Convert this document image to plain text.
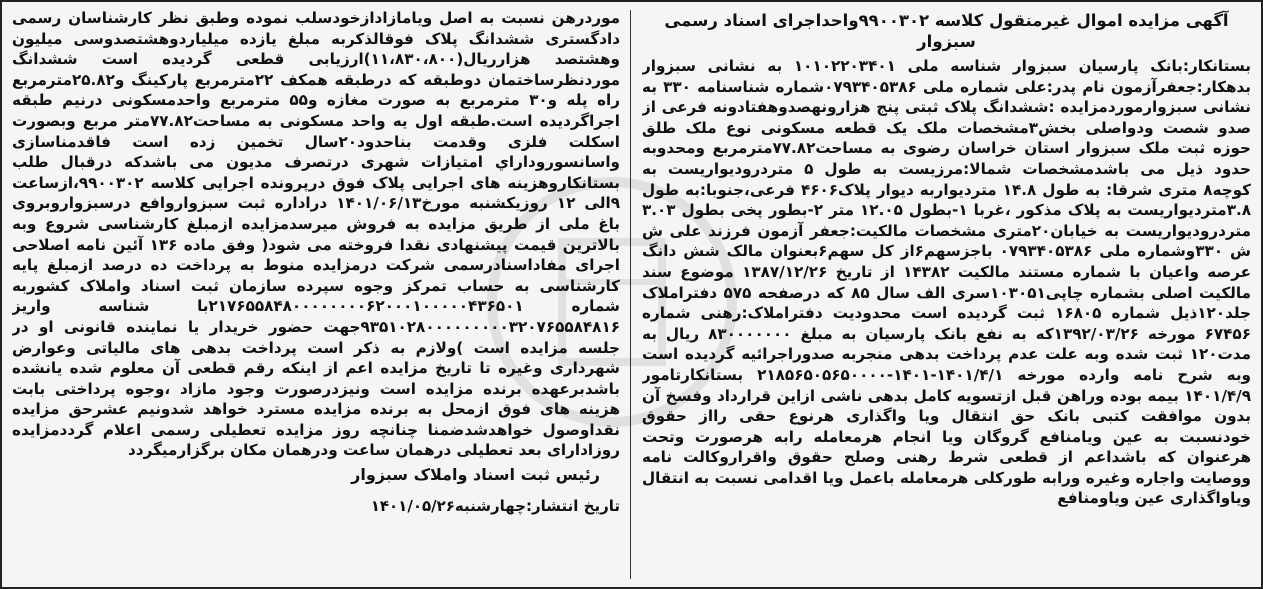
آگهی مزایده اموال غیرمنقول کلاسه ۹۹۰۰۳۰۲واحداجرای اسناد رسمی سبزوار

بستانکار:بانک پارسیان سبزوار شناسه ملی ۱۰۱۰۲۲۰۳۴۰۱ به نشانی سبزوار بدهکار:جعفرآزمون نام پدر:علی شماره ملی ۰۷۹۳۴۰۵۳۸۶شماره شناسنامه ۳۳۰ به نشانی سبزوارموردمزایده :ششدانگ پلاک ثبتی پنج هزارونهصدوهفتادونه فرعی از صدو شصت ودواصلی بخش۳مشخصات ملک یک قطعه مسکونی نوع ملک طلق حوزه ثبت ملک سبزوار استان خراسان رضوی به مساحت۷۷.۸۲مترمربع ومحدوبه حدود ذیل می باشدمشخصات شمالا:مرزیست به طول ۵ متردرودیواریست به کوچه۸ متری شرقا: به طول ۱۴.۸ متردیواربه دیوار پلاک۴۶۰۶ فرعی،جنوبا:به طول ۳.۸متردیواریست به پلاک مذکور ،غربا ۱-بطول ۱۲.۰۵ متر ۲-بطور پخی بطول ۳.۰۳ متردرودیواریست به خیابان۲۰متری مشخصات مالکیت:جعفر آزمون فرزند علی ش ش ۳۳۰وشماره ملی ۰۷۹۳۴۰۵۳۸۶ باجزسهم۶از کل سهم۶بعنوان مالک شش دانگ عرصه واعیان با شماره مستند مالکیت ۱۴۳۸۲ از تاریخ ۱۳۸۷/۱۲/۲۶ موضوع سند مالکیت اصلی بشماره چاپی۱۰۳۰۵۱سری الف سال ۸۵ که درصفحه ۵۷۵ دفتراملاک جلد۱۲۰ذیل شماره ۱۶۸۰۵ ثبت گردیده است محدودیت دفتراملاک:رهنی شماره ۶۷۴۵۶ مورخه ۱۳۹۲/۰۳/۲۶که به نفع بانک پارسیان به مبلغ ۸۳۰۰۰۰۰۰۰ ریال به مدت۱۲۰ ثبت شده وبه علت عدم پرداخت بدهی منجربه صدوراجرائیه گردیده است وبه شرح نامه وارده مورخه ۱۴۰۱/۴/۱-۱۴۰۱-۲۱۸۵۶۵۰۵۶۵۰۰۰۰ بستانکارتامور ۱۴۰۱/۴/۹ بیمه بوده وراهن قبل ازتسویه کامل بدهی ناشی ازاین قرارداد وفسخ آن بدون موافقت کتبی بانک حق انتقال ویا واگذاری هرنوع حقی رااز حقوق خودنسبت به عین ویامنافع گروگان ویا انجام هرمعامله رابه هرصورت وتحت هرعنوان که باشداعم از قطعی شرط رهنی وصلح حقوق واقراروکالت نامه ووصایت واجاره وغیره ورابه طورکلی هرمعامله باعمل ویا اقدامی نسبت به انتقال ویاواگذاری عین ویاومنافع

موردرهن نسبت به اصل ویامازادازخودسلب نموده وطبق نظر کارشناسان رسمی دادگستری ششدانگ پلاک فوقالذکربه مبلغ یازده میلیاردوهشتصدوسی میلیون وهشتصد هزارریال(۱۱،۸۳۰،۸۰۰)ارزیابی قطعی گردیده است ششدانگ موردنظرساختمان دوطبقه که درطبقه همکف ۲۲مترمربع پارکینگ و۲۵.۸۲مترمربع راه پله و۳۰ مترمربع به صورت مغازه و۵۵ مترمربع واحدمسکونی درنیم طبقه اجراگردیده است.طبقه اول یه واحد مسکونی به مساحت۷۷.۸۲متر مربع وبصورت اسکلت فلزی وقدمت بناحدود۲۰سال تخمین زده است فاقدمناسازی واسانسوروداراي امتیازات شهری درتصرف مدیون می باشدکه درقبال طلب بستانکاروهزینه های اجرایی پلاک فوق درپرونده اجرایی کلاسه ۹۹۰۰۳۰۲،ازساعت ۹الی ۱۲ روزیکشنبه مورخ۱۴۰۱/۰۶/۱۳ دراداره ثبت سبزواروافع درسبزواروبروی باغ ملی از طریق مزایده به فروش میرسدمزایده ازمبلغ کارشناسی شروع وبه بالاترین قیمت پیشنهادی نقدا فروخته می شود( وفق ماده ۱۳۶ آئین نامه اصلاحی اجرای مفاداسنادرسمی شرکت درمزایده منوط به پرداخت ده درصد ازمبلغ پایه کارشناسی به حساب تمرکز وجوه سپرده سازمان ثبت اسناد واملاک کشوربه شماره ۲۱۷۶۵۵۸۴۸۰۰۰۰۰۰۰۰۶۲۰۰۰۱۰۰۰۰۰۴۳۶۵۰۱با شناسه واریز ۹۳۵۱۰۲۸۰۰۰۰۰۰۰۰۰۳۲۰۷۶۵۵۸۴۸۱۶جهت حضور خریدار یا نماینده قانونی او در جلسه مزایده است )ولازم به ذکر است پرداخت بدهی های مالیاتی وعوارض شهرداری وغیره تا تاریخ مزایده اعم از اینکه رقم قطعی آن معلوم شده یانشده باشدبرعهده برنده مزایده است ونیزدرصورت وجود مازاد ،وجوه پرداختی بابت هزینه های فوق ازمحل به برنده مزایده مسترد خواهد شدونیم عشرحق مزایده نقداوصول خواهدشدضمنا چنانچه روز مزایده تعطیلی رسمی اعلام گرددمزایده روزادارای بعد تعطیلی درهمان ساعت ودرهمان مکان برگزارمیگردد

رئیس ثبت اسناد واملاک سبزوار
تاریخ انتشار:چهارشنبه۱۴۰۱/۰۵/۲۶
